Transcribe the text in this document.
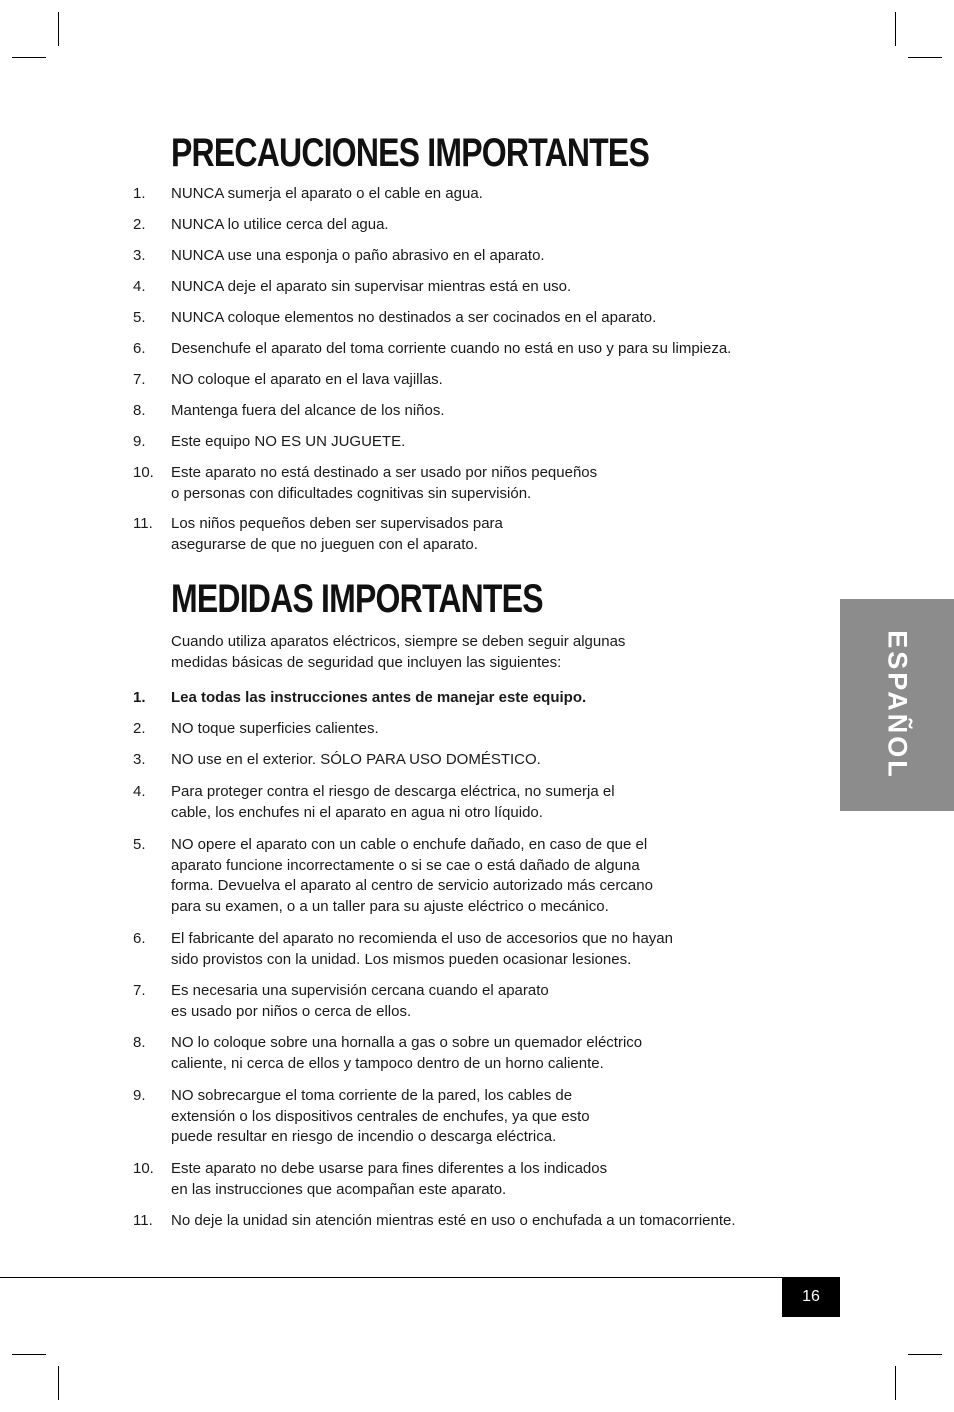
PRECAUCIONES IMPORTANTES
1. NUNCA sumerja el aparato o el cable en agua.
2. NUNCA lo utilice cerca del agua.
3. NUNCA use una esponja o paño abrasivo en el aparato.
4. NUNCA deje el aparato sin supervisar mientras está en uso.
5. NUNCA coloque elementos no destinados a ser cocinados en el aparato.
6. Desenchufe el aparato del toma corriente cuando no está en uso y para su limpieza.
7. NO coloque el aparato en el lava vajillas.
8. Mantenga fuera del alcance de los niños.
9. Este equipo NO ES UN JUGUETE.
10. Este aparato no está destinado a ser usado por niños pequeños
o personas con dificultades cognitivas sin supervisión.
11. Los niños pequeños deben ser supervisados para
asegurarse de que no jueguen con el aparato.
MEDIDAS IMPORTANTES
Cuando utiliza aparatos eléctricos, siempre se deben seguir algunas
medidas básicas de seguridad que incluyen las siguientes:
1. Lea todas las instrucciones antes de manejar este equipo.
2. NO toque superficies calientes.
3. NO use en el exterior. SÓLO PARA USO DOMÉSTICO.
4. Para proteger contra el riesgo de descarga eléctrica, no sumerja el
cable, los enchufes ni el aparato en agua ni otro líquido.
5. NO opere el aparato con un cable o enchufe dañado, en caso de que el
aparato funcione incorrectamente o si se cae o está dañado de alguna
forma. Devuelva el aparato al centro de servicio autorizado más cercano
para su examen, o a un taller para su ajuste eléctrico o mecánico.
6. El fabricante del aparato no recomienda el uso de accesorios que no hayan
sido provistos con la unidad. Los mismos pueden ocasionar lesiones.
7. Es necesaria una supervisión cercana cuando el aparato
es usado por niños o cerca de ellos.
8. NO lo coloque sobre una hornalla a gas o sobre un quemador eléctrico
caliente, ni cerca de ellos y tampoco dentro de un horno caliente.
9. NO sobrecargue el toma corriente de la pared, los cables de
extensión o los dispositivos centrales de enchufes, ya que esto
puede resultar en riesgo de incendio o descarga eléctrica.
10. Este aparato no debe usarse para fines diferentes a los indicados
en las instrucciones que acompañan este aparato.
11. No deje la unidad sin atención mientras esté en uso o enchufada a un tomacorriente.
ESPAÑOL
16
